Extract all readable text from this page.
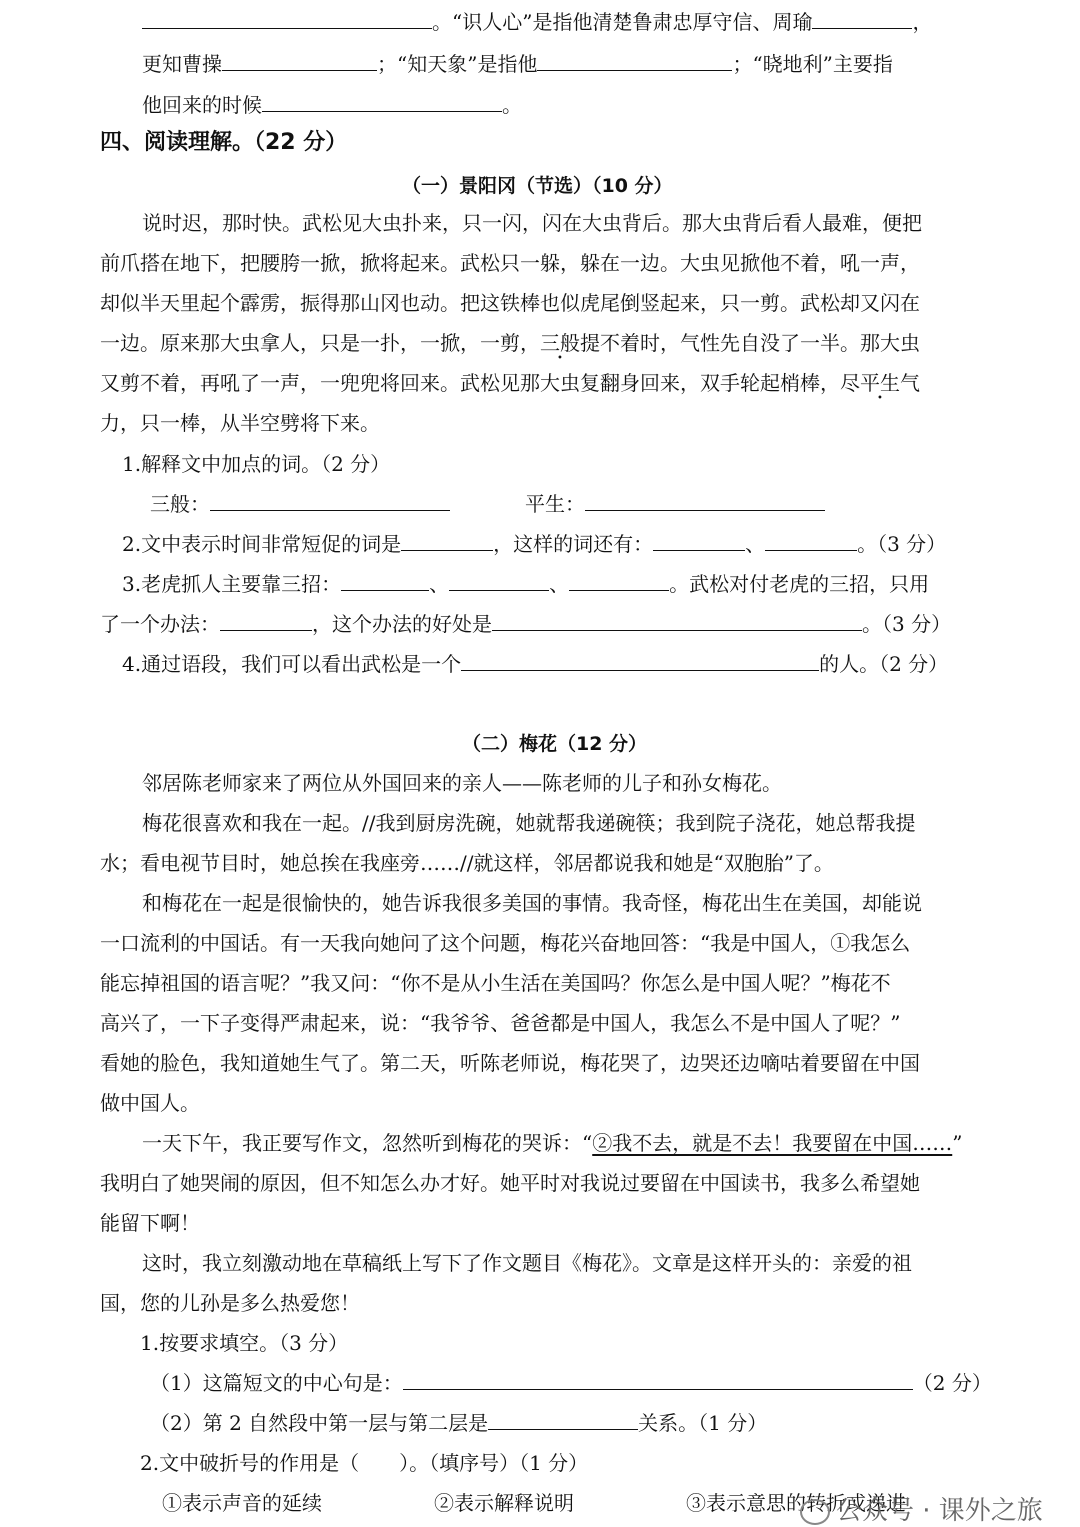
。“识人心”是指他清楚鲁肃忠厚守信、周瑜	，
更知曹操	；“知天象”是指他	；“晓地利”主要指
他回来的时候	。
四、阅读理解。（22 分）
（一）景阳冈（节选）（10 分）
说时迟，那时快。武松见大虫扑来，只一闪，闪在大虫背后。那大虫背后看人最难，便把
前爪搭在地下，把腰胯一掀，掀将起来。武松只一躲，躲在一边。大虫见掀他不着，吼一声，
却似半天里起个霹雳，振得那山冈也动。把这铁棒也似虎尾倒竖起来，只一剪。武松却又闪在
一边。原来那大虫拿人，只是一扑，一掀，一剪，三般提不着时，气性先自没了一半。那大虫
又剪不着，再吼了一声，一兜兜将回来。武松见那大虫复翻身回来，双手轮起梢棒，尽平生气
力，只一棒，从半空劈将下来。
1.解释文中加点的词。（2 分）
三般：	平生：
2.文中表示时间非常短促的词是	，这样的词还有：	、	。（3 分）
3.老虎抓人主要靠三招：	、	、	。武松对付老虎的三招，只用
了一个办法：	，这个办法的好处是	。（3 分）
4.通过语段，我们可以看出武松是一个	的人。（2 分）
（二）梅花（12 分）
邻居陈老师家来了两位从外国回来的亲人——陈老师的儿子和孙女梅花。
梅花很喜欢和我在一起。//我到厨房洗碗，她就帮我递碗筷；我到院子浇花，她总帮我提
水；看电视节目时，她总挨在我座旁……//就这样，邻居都说我和她是“双胞胎”了。
和梅花在一起是很愉快的，她告诉我很多美国的事情。我奇怪，梅花出生在美国，却能说
一口流利的中国话。有一天我向她问了这个问题，梅花兴奋地回答：“我是中国人，①我怎么
能忘掉祖国的语言呢？”我又问：“你不是从小生活在美国吗？你怎么是中国人呢？”梅花不
高兴了，一下子变得严肃起来，说：“我爷爷、爸爸都是中国人，我怎么不是中国人了呢？”
看她的脸色，我知道她生气了。第二天，听陈老师说，梅花哭了，边哭还边嘀咕着要留在中国
做中国人。
一天下午，我正要写作文，忽然听到梅花的哭诉：“②我不去，就是不去！我要留在中国……”
我明白了她哭闹的原因，但不知怎么办才好。她平时对我说过要留在中国读书，我多么希望她
能留下啊！
这时，我立刻激动地在草稿纸上写下了作文题目《梅花》。文章是这样开头的：亲爱的祖
国，您的儿孙是多么热爱您！
1.按要求填空。（3 分）
（1）这篇短文的中心句是：	（2 分）
（2）第 2 自然段中第一层与第二层是	关系。（1 分）
2.文中破折号的作用是（　　）。（填序号）（1 分）
①表示声音的延续	②表示解释说明	③表示意思的转折或递进
公众号 · 课外之旅
